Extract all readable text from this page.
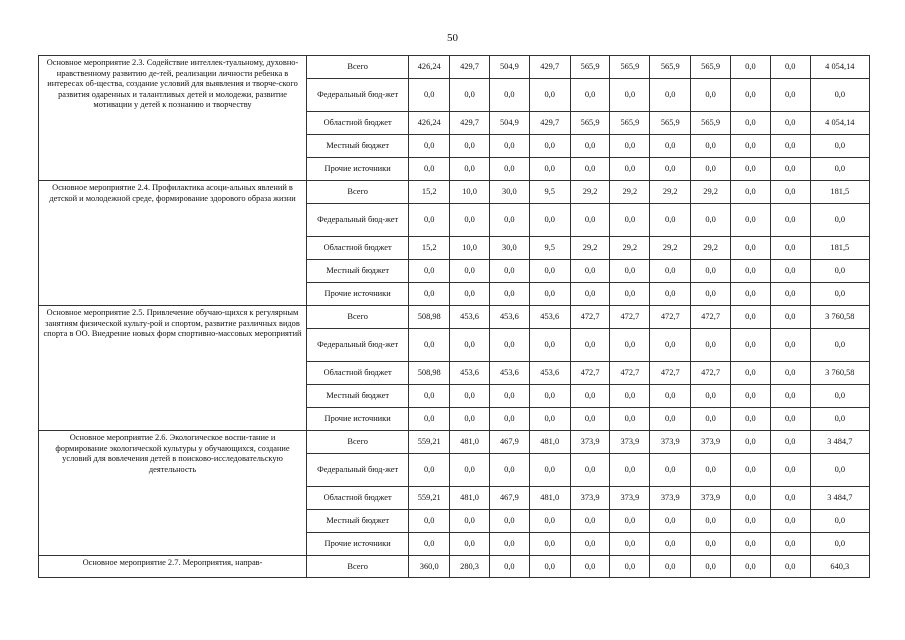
50
Основное мероприятие 2.3. Содействие интеллек-туальному, духовно-нравственному развитию де-тей, реализации личности ребенка в интересах об-щества, создание условий для выявления и творче-ского развития одаренных и талантливых детей и молодежи, развитие мотивации у детей к познанию и творчеству	Всего	426,24	429,7	504,9	429,7	565,9	565,9	565,9	565,9	0,0	0,0	4 054,14
	Федеральный бюд-жет	0,0	0,0	0,0	0,0	0,0	0,0	0,0	0,0	0,0	0,0	0,0
	Областной бюджет	426,24	429,7	504,9	429,7	565,9	565,9	565,9	565,9	0,0	0,0	4 054,14
	Местный бюджет	0,0	0,0	0,0	0,0	0,0	0,0	0,0	0,0	0,0	0,0	0,0
	Прочие источники	0,0	0,0	0,0	0,0	0,0	0,0	0,0	0,0	0,0	0,0	0,0
Основное мероприятие 2.4. Профилактика асоци-альных явлений в детской и молодежной среде, формирование здорового образа жизни	Всего	15,2	10,0	30,0	9,5	29,2	29,2	29,2	29,2	0,0	0,0	181,5
	Федеральный бюд-жет	0,0	0,0	0,0	0,0	0,0	0,0	0,0	0,0	0,0	0,0	0,0
	Областной бюджет	15,2	10,0	30,0	9,5	29,2	29,2	29,2	29,2	0,0	0,0	181,5
	Местный бюджет	0,0	0,0	0,0	0,0	0,0	0,0	0,0	0,0	0,0	0,0	0,0
	Прочие источники	0,0	0,0	0,0	0,0	0,0	0,0	0,0	0,0	0,0	0,0	0,0
Основное мероприятие 2.5. Привлечение обучаю-щихся к регулярным занятиям физической культу-рой и спортом, развитие различных видов спорта в ОО. Внедрение новых форм спортивно-массовых мероприятий	Всего	508,98	453,6	453,6	453,6	472,7	472,7	472,7	472,7	0,0	0,0	3 760,58
	Федеральный бюд-жет	0,0	0,0	0,0	0,0	0,0	0,0	0,0	0,0	0,0	0,0	0,0
	Областной бюджет	508,98	453,6	453,6	453,6	472,7	472,7	472,7	472,7	0,0	0,0	3 760,58
	Местный бюджет	0,0	0,0	0,0	0,0	0,0	0,0	0,0	0,0	0,0	0,0	0,0
	Прочие источники	0,0	0,0	0,0	0,0	0,0	0,0	0,0	0,0	0,0	0,0	0,0
Основное мероприятие 2.6. Экологическое воспи-тание и формирование экологической культуры у обучающихся, создание условий для вовлечения детей в поисково-исследовательскую деятельность	Всего	559,21	481,0	467,9	481,0	373,9	373,9	373,9	373,9	0,0	0,0	3 484,7
	Федеральный бюд-жет	0,0	0,0	0,0	0,0	0,0	0,0	0,0	0,0	0,0	0,0	0,0
	Областной бюджет	559,21	481,0	467,9	481,0	373,9	373,9	373,9	373,9	0,0	0,0	3 484,7
	Местный бюджет	0,0	0,0	0,0	0,0	0,0	0,0	0,0	0,0	0,0	0,0	0,0
	Прочие источники	0,0	0,0	0,0	0,0	0,0	0,0	0,0	0,0	0,0	0,0	0,0
Основное мероприятие 2.7. Мероприятия, направ-	Всего	360,0	280,3	0,0	0,0	0,0	0,0	0,0	0,0	0,0	0,0	640,3
